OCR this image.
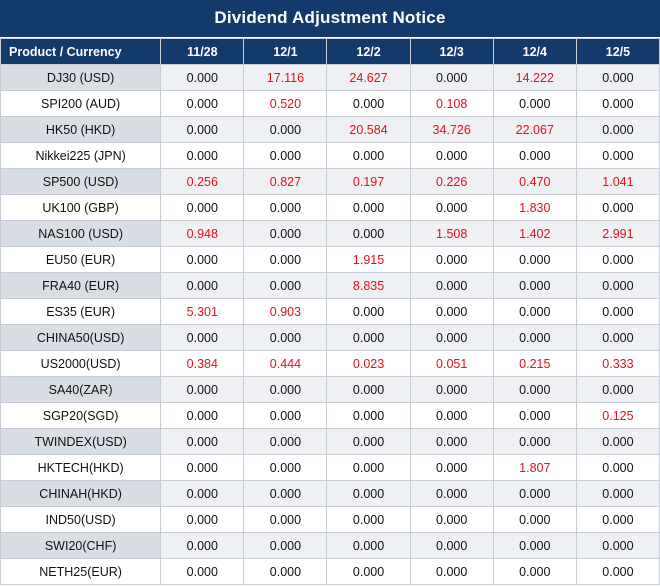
Dividend Adjustment Notice
Product / Currency	11/28	12/1	12/2	12/3	12/4	12/5
DJ30 (USD)	0.000	17.116	24.627	0.000	14.222	0.000
SPI200 (AUD)	0.000	0.520	0.000	0.108	0.000	0.000
HK50 (HKD)	0.000	0.000	20.584	34.726	22.067	0.000
Nikkei225 (JPN)	0.000	0.000	0.000	0.000	0.000	0.000
SP500 (USD)	0.256	0.827	0.197	0.226	0.470	1.041
UK100 (GBP)	0.000	0.000	0.000	0.000	1.830	0.000
NAS100 (USD)	0.948	0.000	0.000	1.508	1.402	2.991
EU50 (EUR)	0.000	0.000	1.915	0.000	0.000	0.000
FRA40 (EUR)	0.000	0.000	8.835	0.000	0.000	0.000
ES35 (EUR)	5.301	0.903	0.000	0.000	0.000	0.000
CHINA50(USD)	0.000	0.000	0.000	0.000	0.000	0.000
US2000(USD)	0.384	0.444	0.023	0.051	0.215	0.333
SA40(ZAR)	0.000	0.000	0.000	0.000	0.000	0.000
SGP20(SGD)	0.000	0.000	0.000	0.000	0.000	0.125
TWINDEX(USD)	0.000	0.000	0.000	0.000	0.000	0.000
HKTECH(HKD)	0.000	0.000	0.000	0.000	1.807	0.000
CHINAH(HKD)	0.000	0.000	0.000	0.000	0.000	0.000
IND50(USD)	0.000	0.000	0.000	0.000	0.000	0.000
SWI20(CHF)	0.000	0.000	0.000	0.000	0.000	0.000
NETH25(EUR)	0.000	0.000	0.000	0.000	0.000	0.000
